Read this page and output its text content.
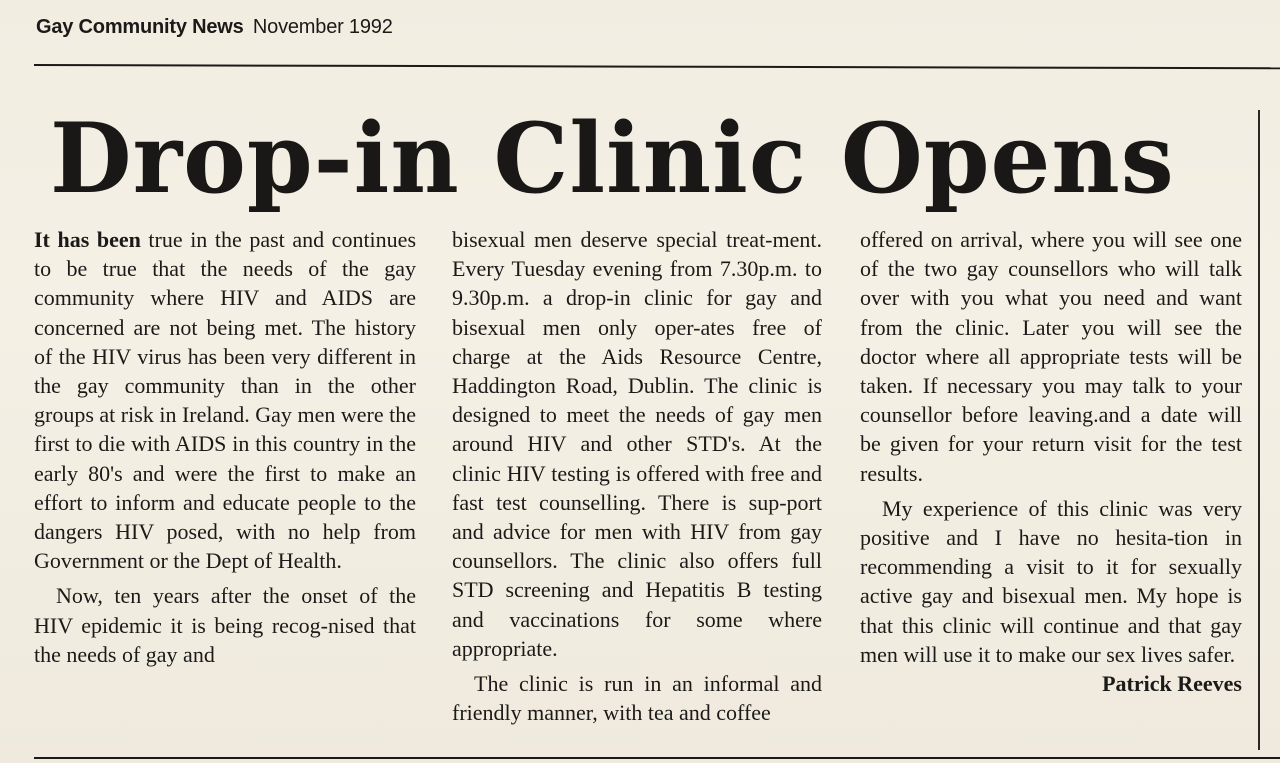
Gay Community News November 1992
Drop-in Clinic Opens

It has been true in the past and continues to be true that the needs of the gay community where HIV and AIDS are concerned are not being met. The history of the HIV virus has been very different in the gay community than in the other groups at risk in Ireland. Gay men were the first to die with AIDS in this country in the early 80's and were the first to make an effort to inform and educate people to the dangers HIV posed, with no help from Government or the Dept of Health.

Now, ten years after the onset of the HIV epidemic it is being recog-nised that the needs of gay and

bisexual men deserve special treat-ment. Every Tuesday evening from 7.30p.m. to 9.30p.m. a drop-in clinic for gay and bisexual men only oper-ates free of charge at the Aids Resource Centre, Haddington Road, Dublin. The clinic is designed to meet the needs of gay men around HIV and other STD's. At the clinic HIV testing is offered with free and fast test counselling. There is sup-port and advice for men with HIV from gay counsellors. The clinic also offers full STD screening and Hepatitis B testing and vaccinations for some where appropriate.

The clinic is run in an informal and friendly manner, with tea and coffee

offered on arrival, where you will see one of the two gay counsellors who will talk over with you what you need and want from the clinic. Later you will see the doctor where all appropriate tests will be taken. If necessary you may talk to your counsellor before leaving.and a date will be given for your return visit for the test results.

My experience of this clinic was very positive and I have no hesita-tion in recommending a visit to it for sexually active gay and bisexual men. My hope is that this clinic will continue and that gay men will use it to make our sex lives safer.

Patrick Reeves
